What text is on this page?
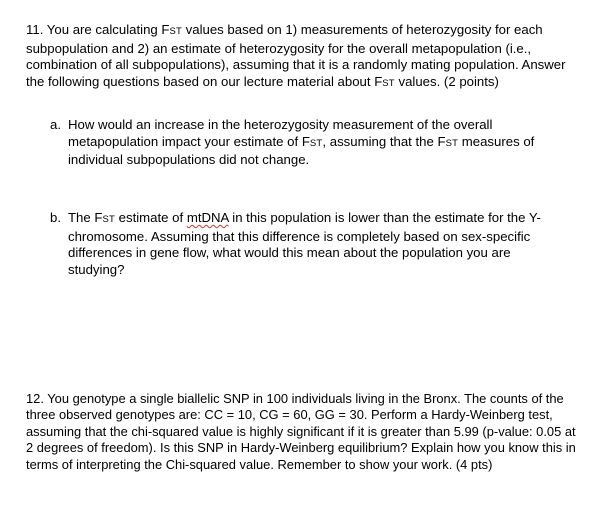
11. You are calculating FST values based on 1) measurements of heterozygosity for each subpopulation and 2) an estimate of heterozygosity for the overall metapopulation (i.e., combination of all subpopulations), assuming that it is a randomly mating population. Answer the following questions based on our lecture material about FST values. (2 points)
a. How would an increase in the heterozygosity measurement of the overall metapopulation impact your estimate of FST, assuming that the FST measures of individual subpopulations did not change.
b. The FST estimate of mtDNA in this population is lower than the estimate for the Y-chromosome. Assuming that this difference is completely based on sex-specific differences in gene flow, what would this mean about the population you are studying?
12. You genotype a single biallelic SNP in 100 individuals living in the Bronx. The counts of the three observed genotypes are: CC = 10, CG = 60, GG = 30. Perform a Hardy-Weinberg test, assuming that the chi-squared value is highly significant if it is greater than 5.99 (p-value: 0.05 at 2 degrees of freedom). Is this SNP in Hardy-Weinberg equilibrium? Explain how you know this in terms of interpreting the Chi-squared value. Remember to show your work. (4 pts)
